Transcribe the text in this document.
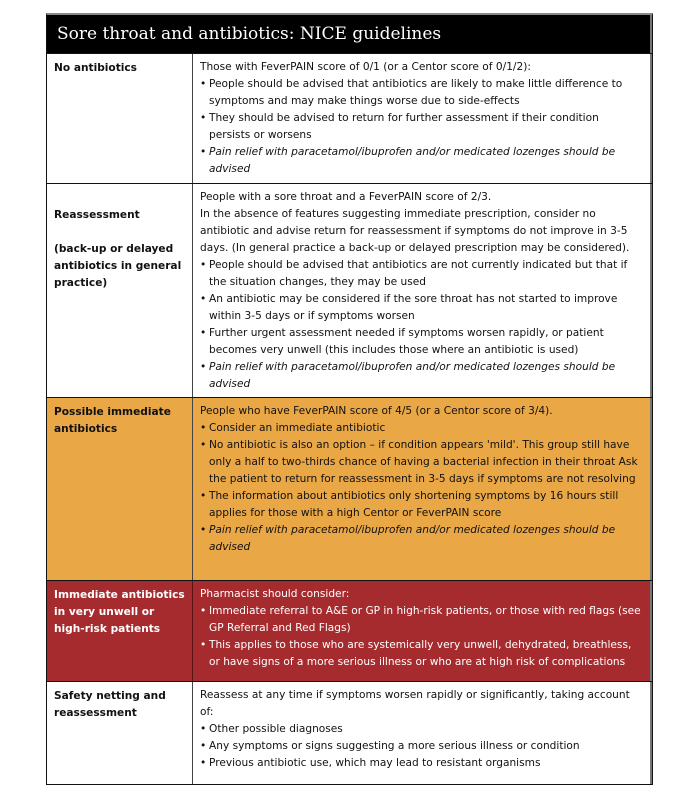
Sore throat and antibiotics: NICE guidelines
No antibiotics	Those with FeverPAIN score of 0/1 (or a Centor score of 0/1/2):

• People should be advised that antibiotics are likely to make little difference to symptoms and may make things worse due to side-effects
• They should be advised to return for further assessment if their condition persists or worsens
• Pain relief with paracetamol/ibuprofen and/or medicated lozenges should be advised

Reassessment

(back-up or delayed antibiotics in general practice)

People with a sore throat and a FeverPAIN score of 2/3.

In the absence of features suggesting immediate prescription, consider no antibiotic and advise return for reassessment if symptoms do not improve in 3-5 days. (In general practice a back-up or delayed prescription may be considered).

• People should be advised that antibiotics are not currently indicated but that if the situation changes, they may be used
• An antibiotic may be considered if the sore throat has not started to improve within 3-5 days or if symptoms worsen
• Further urgent assessment needed if symptoms worsen rapidly, or patient becomes very unwell (this includes those where an antibiotic is used)
• Pain relief with paracetamol/ibuprofen and/or medicated lozenges should be advised
Possible immediate antibiotics

People who have FeverPAIN score of 4/5 (or a Centor score of 3/4).

• Consider an immediate antibiotic
• No antibiotic is also an option – if condition appears 'mild'. This group still have only a half to two-thirds chance of having a bacterial infection in their throat Ask the patient to return for reassessment in 3-5 days if symptoms are not resolving
• The information about antibiotics only shortening symptoms by 16 hours still applies for those with a high Centor or FeverPAIN score
• Pain relief with paracetamol/ibuprofen and/or medicated lozenges should be advised
Immediate antibiotics in very unwell or high-risk patients

Pharmacist should consider:

• Immediate referral to A&E or GP in high-risk patients, or those with red flags (see GP Referral and Red Flags)
• This applies to those who are systemically very unwell, dehydrated, breathless, or have signs of a more serious illness or who are at high risk of complications
Safety netting and reassessment

Reassess at any time if symptoms worsen rapidly or significantly, taking account of:

• Other possible diagnoses
• Any symptoms or signs suggesting a more serious illness or condition
• Previous antibiotic use, which may lead to resistant organisms
